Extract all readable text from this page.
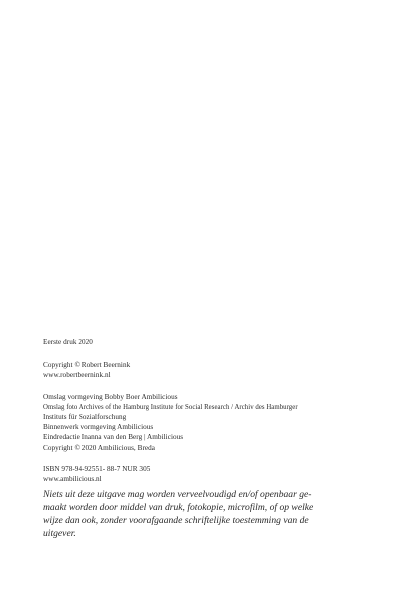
Eerste druk 2020
Copyright © Robert Beernink
www.robertbeernink.nl
Omslag vormgeving Bobby Boer Ambilicious
Omslag foto Archives of the Hamburg Institute for Social Research / Archiv des Hamburger
Instituts für Sozialforschung
Binnenwerk vormgeving Ambilicious
Eindredactie Inanna van den Berg | Ambilicious
Copyright © 2020 Ambilicious, Breda
ISBN 978-94-92551- 88-7 NUR 305
www.ambilicious.nl
Niets uit deze uitgave mag worden verveelvoudigd en/of openbaar ge-
maakt worden door middel van druk, fotokopie, microfilm, of op welke
wijze dan ook, zonder voorafgaande schriftelijke toestemming van de
uitgever.
